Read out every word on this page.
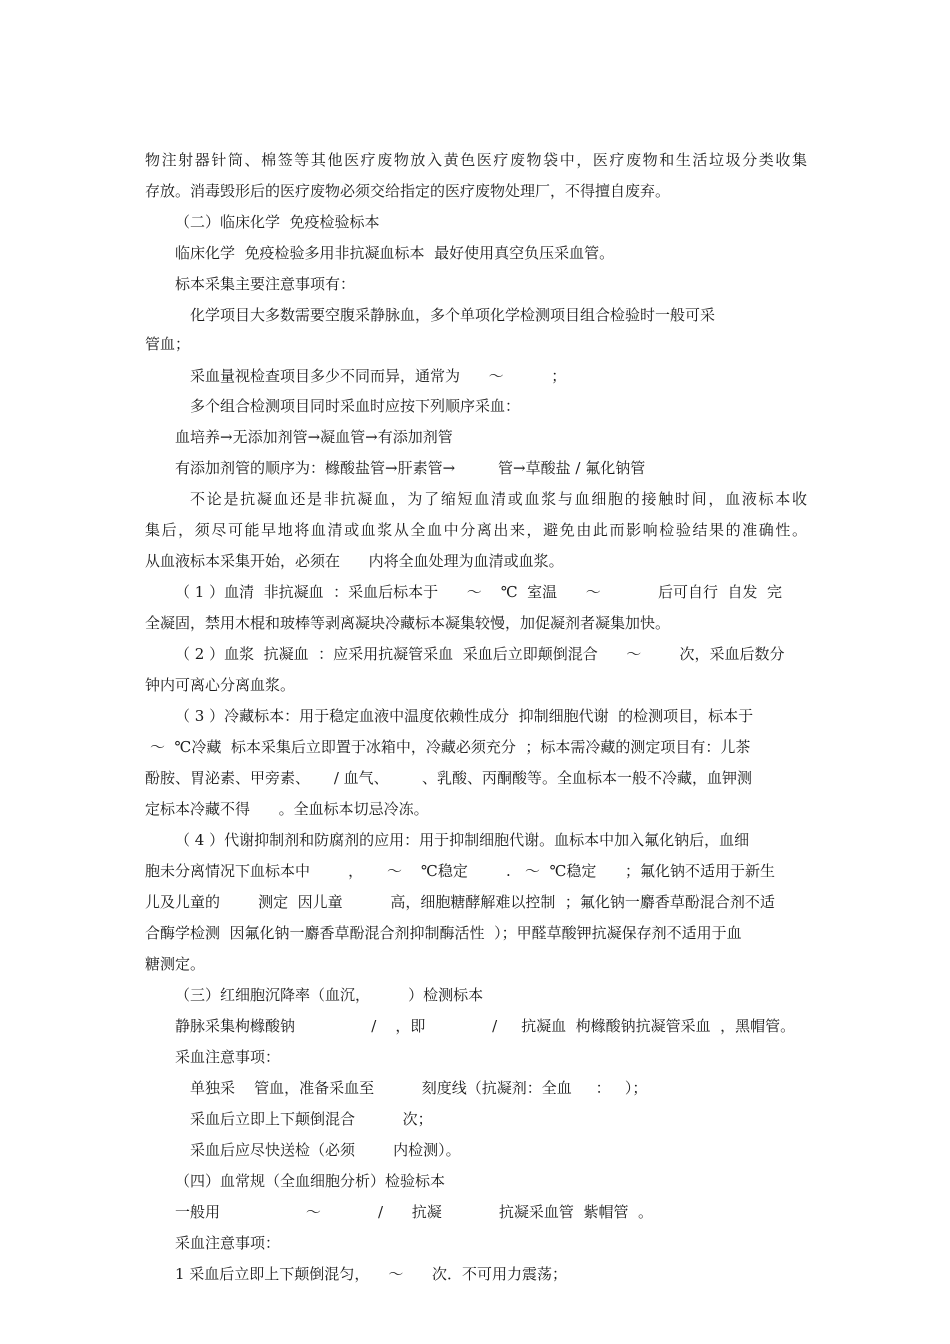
物注射器针筒、棉签等其他医疗废物放入黄色医疗废物袋中，医疗废物和生活垃圾分类收集
存放。消毒毁形后的医疗废物必须交给指定的医疗废物处理厂，不得擅自废弃。
（二）临床化学  免疫检验标本
临床化学  免疫检验多用非抗凝血标本  最好使用真空负压采血管。
标本采集主要注意事项有：
化学项目大多数需要空腹采静脉血，多个单项化学检测项目组合检验时一般可采
管血；
采血量视检查项目多少不同而异，通常为      ～          ；
多个组合检测项目同时采血时应按下列顺序采血：
血培养→无添加剂管→凝血管→有添加剂管
有添加剂管的顺序为：橼酸盐管→肝素管→         管→草酸盐 / 氟化钠管
不论是抗凝血还是非抗凝血，为了缩短血清或血浆与血细胞的接触时间，血液标本收
集后，须尽可能早地将血清或血浆从全血中分离出来，避免由此而影响检验结果的准确性。
从血液标本采集开始，必须在      内将全血处理为血清或血浆。
（ 1 ）血清  非抗凝血  ：采血后标本于      ～    ℃  室温      ～            后可自行  自发  完
全凝固，禁用木棍和玻棒等剥离凝块冷藏标本凝集较慢，加促凝剂者凝集加快。
（ 2 ）血浆  抗凝血  ：应采用抗凝管采血  采血后立即颠倒混合      ～        次，采血后数分
钟内可离心分离血浆。
（ 3 ）冷藏标本：用于稳定血液中温度依赖性成分  抑制细胞代谢  的检测项目，标本于
～  ℃冷藏  标本采集后立即置于冰箱中，冷藏必须充分  ；标本需冷藏的测定项目有：儿茶
酚胺、胃泌素、甲旁素、     / 血气、       、乳酸、丙酮酸等。全血标本一般不冷藏，血钾测
定标本冷藏不得      。全血标本切忌冷冻。
（ 4 ）代谢抑制剂和防腐剂的应用：用于抑制细胞代谢。血标本中加入氟化钠后，血细
胞未分离情况下血标本中        ，     ～    ℃稳定        .   ～  ℃稳定      ；氟化钠不适用于新生
儿及儿童的        测定  因儿童          高，细胞糖酵解难以控制  ；氟化钠一麝香草酚混合剂不适
合酶学检测  因氟化钠一麝香草酚混合剂抑制酶活性  ）；甲醛草酸钾抗凝保存剂不适用于血
糖测定。
（三）红细胞沉降率（血沉，        ）检测标本
静脉采集枸橼酸钠                /    ，即              /     抗凝血  枸橼酸钠抗凝管采血  ，黑帽管。
采血注意事项：
单独采    管血，准备采血至          刻度线（抗凝剂：全血     ：   ）；
采血后立即上下颠倒混合          次；
采血后应尽快送检（必须        内检测）。
（四）血常规（全血细胞分析）检验标本
一般用                  ～            /      抗凝            抗凝采血管  紫帽管  。
采血注意事项：
1 采血后立即上下颠倒混匀，    ～      次．不可用力震荡；
